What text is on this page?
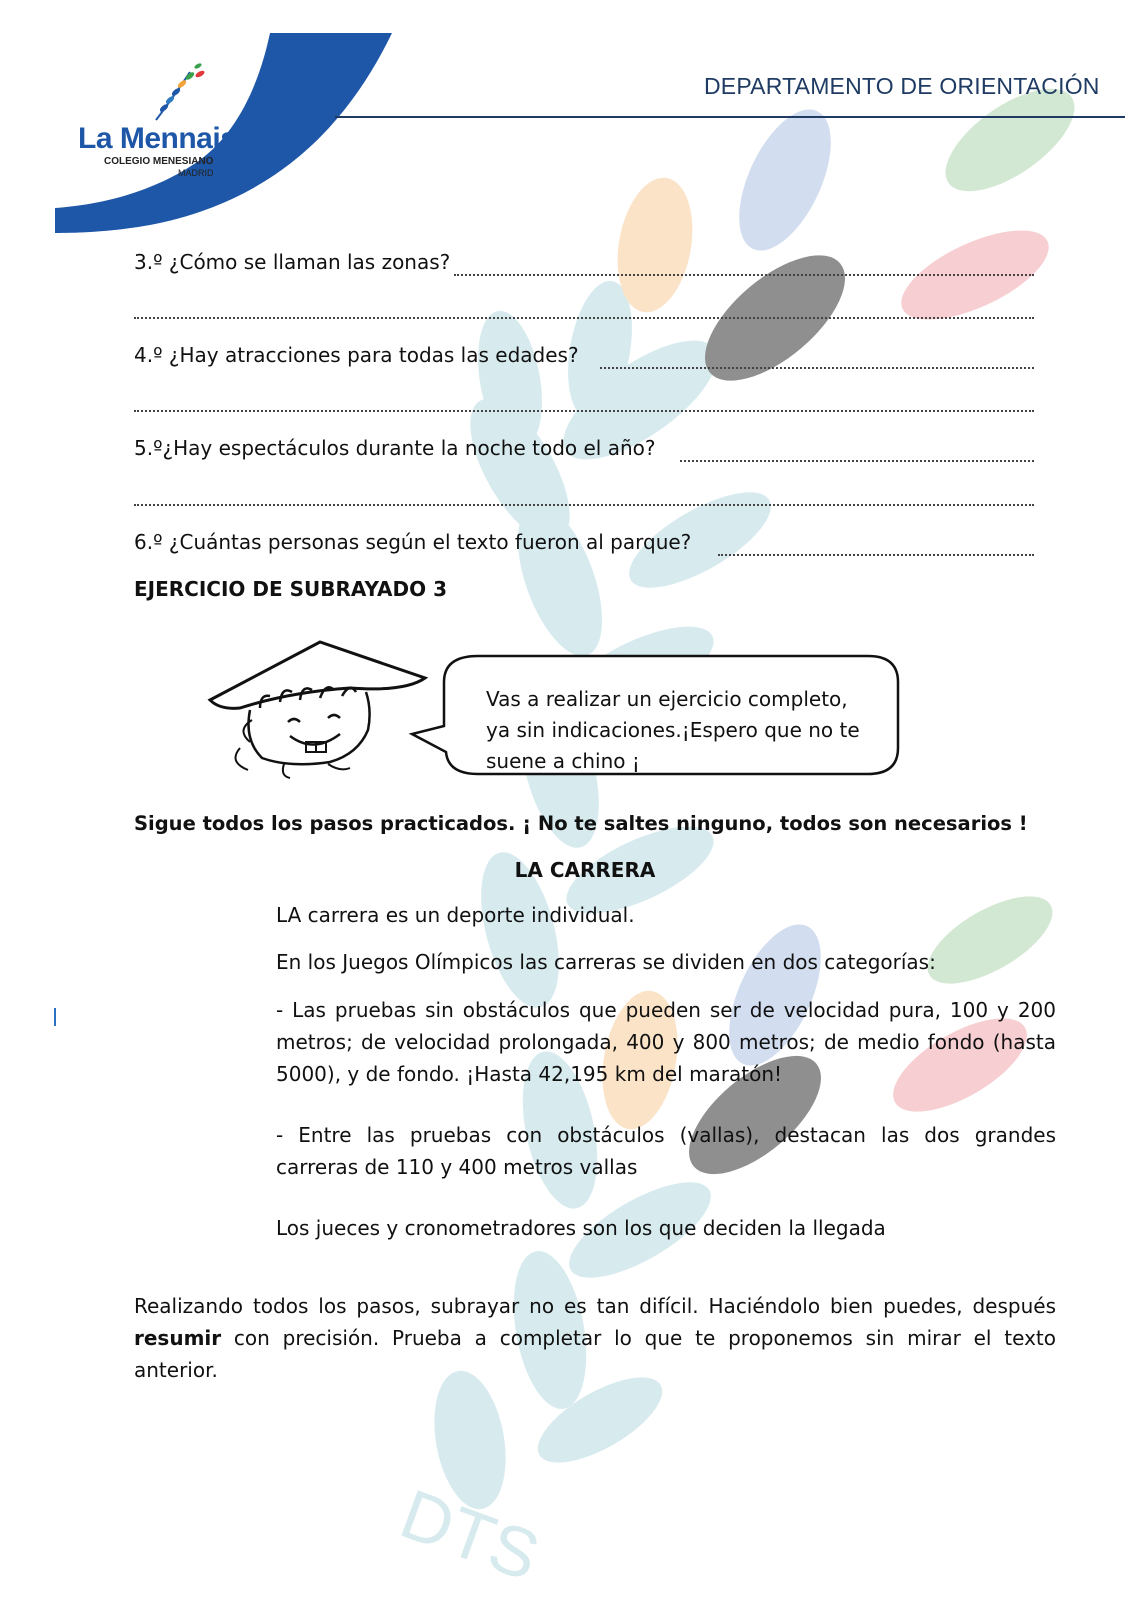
DTS
La Mennais
COLEGIO MENESIANO
MADRID
DEPARTAMENTO DE ORIENTACIÓN
3.º ¿Cómo se llaman las zonas?
4.º ¿Hay atracciones para todas las edades?
5.º¿Hay espectáculos durante la noche todo el año?
6.º ¿Cuántas personas según el texto fueron al parque?
EJERCICIO DE SUBRAYADO 3
Vas a realizar un ejercicio completo,
ya sin indicaciones.¡Espero que no te
suene a chino ¡
Sigue todos los pasos practicados. ¡ No te saltes ninguno, todos son necesarios !
LA CARRERA
LA carrera es un deporte individual.
En los Juegos Olímpicos las carreras se dividen en dos categorías:
- Las pruebas sin obstáculos que pueden ser de velocidad pura, 100 y 200 metros; de velocidad prolongada, 400 y 800 metros; de medio fondo (hasta 5000), y de fondo. ¡Hasta 42,195 km del maratón!
- Entre las pruebas con obstáculos (vallas), destacan las dos grandes carreras de 110 y 400 metros vallas
Los jueces y cronometradores son los que deciden la llegada
Realizando todos los pasos, subrayar no es tan difícil. Haciéndolo bien puedes, después resumir con precisión. Prueba a completar lo que te proponemos sin mirar el texto anterior.
